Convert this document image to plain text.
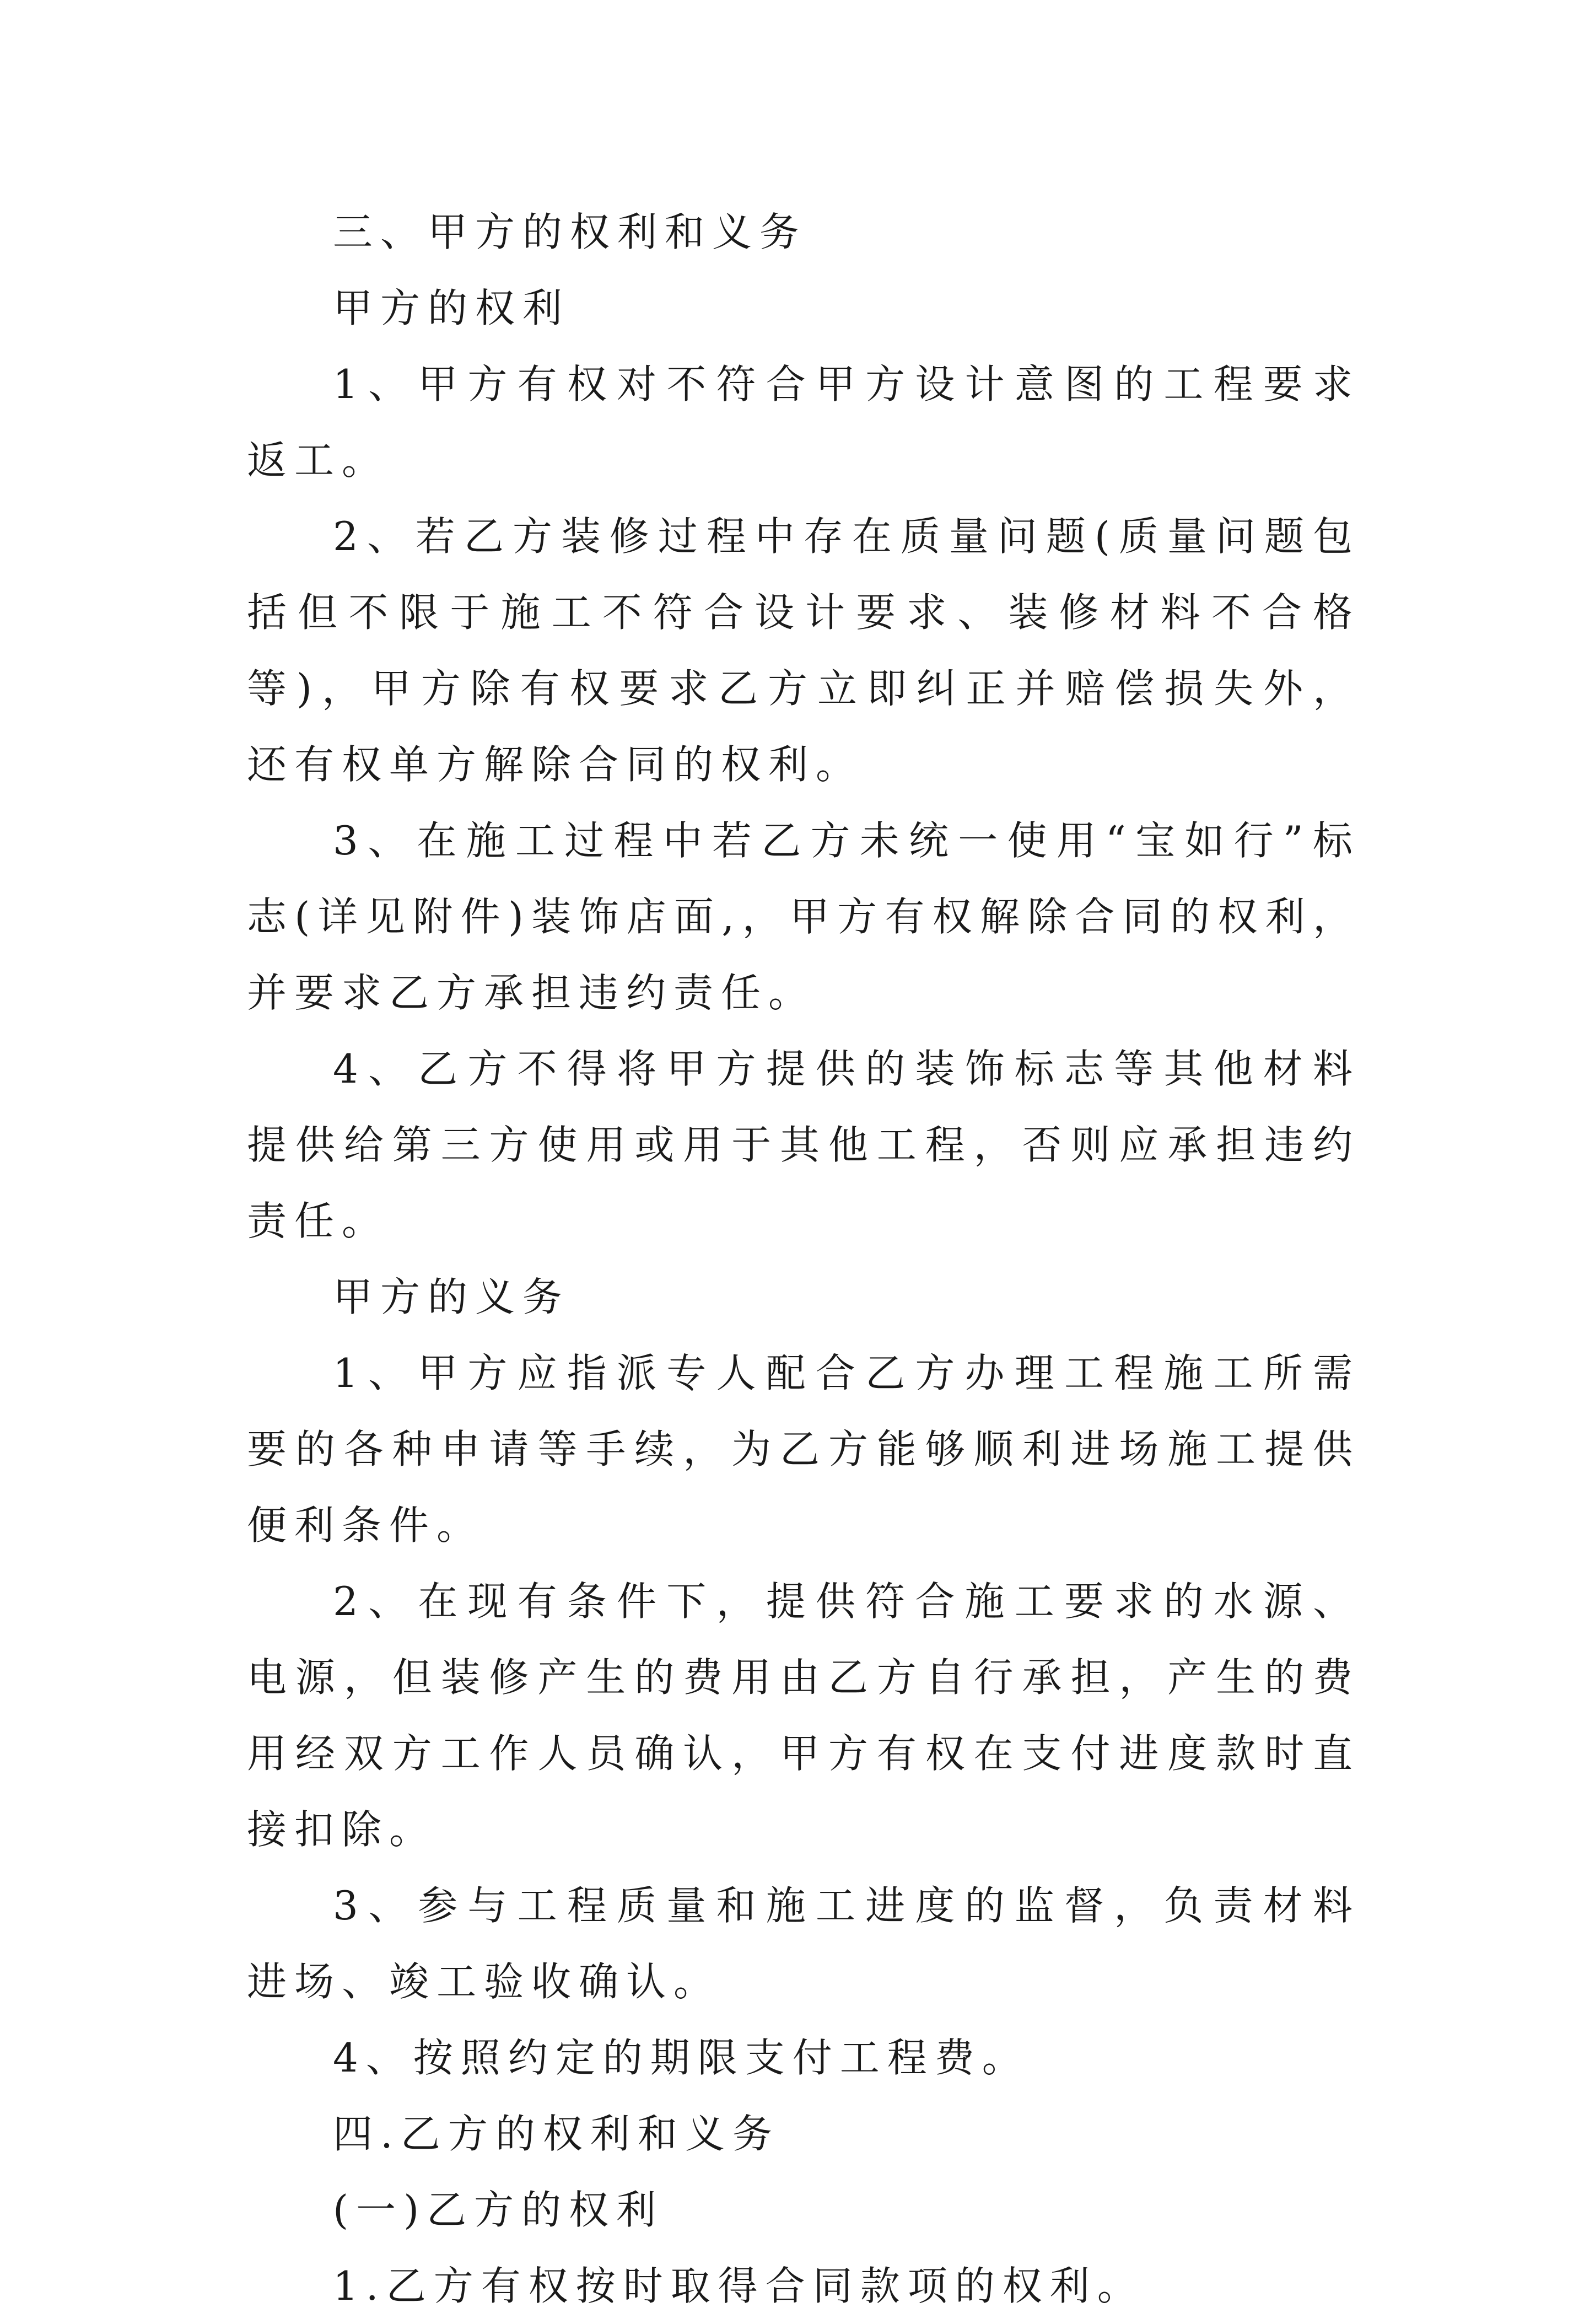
三、甲方的权利和义务

甲方的权利

1、甲方有权对不符合甲方设计意图的工程要求返工。

2、若乙方装修过程中存在质量问题(质量问题包括但不限于施工不符合设计要求、装修材料不合格等)，甲方除有权要求乙方立即纠正并赔偿损失外，还有权单方解除合同的权利。

3、在施工过程中若乙方未统一使用“宝如行”标志(详见附件)装饰店面,，甲方有权解除合同的权利，并要求乙方承担违约责任。

4、乙方不得将甲方提供的装饰标志等其他材料提供给第三方使用或用于其他工程，否则应承担违约责任。

甲方的义务

1、甲方应指派专人配合乙方办理工程施工所需要的各种申请等手续，为乙方能够顺利进场施工提供便利条件。

2、在现有条件下，提供符合施工要求的水源、电源，但装修产生的费用由乙方自行承担，产生的费用经双方工作人员确认，甲方有权在支付进度款时直接扣除。

3、参与工程质量和施工进度的监督，负责材料进场、竣工验收确认。

4、按照约定的期限支付工程费。

四.乙方的权利和义务

(一)乙方的权利

1.乙方有权按时取得合同款项的权利。
